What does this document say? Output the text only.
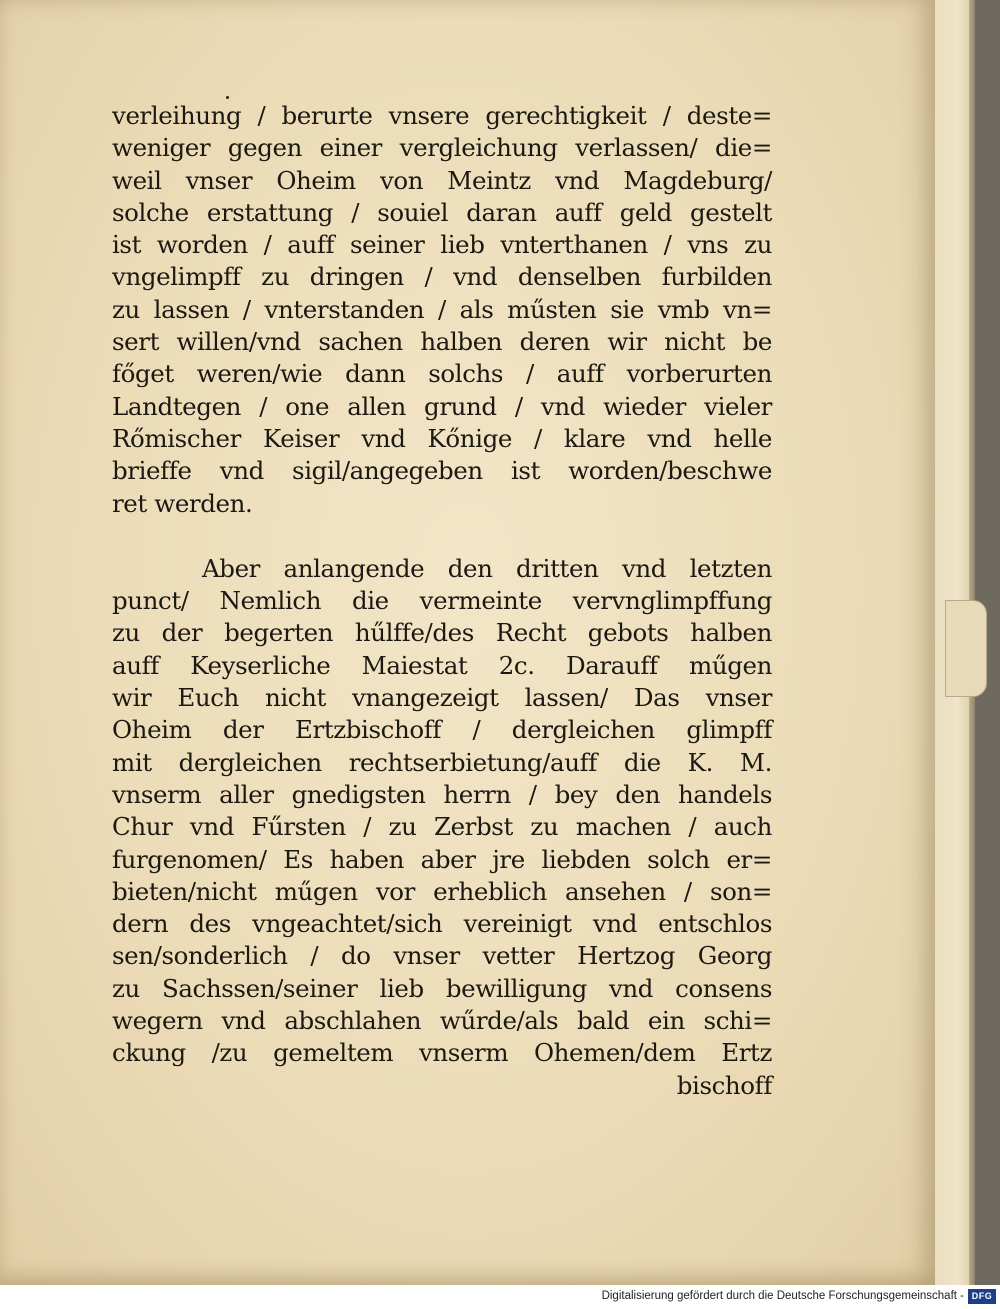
verleihung / berurte vnsere gerechtigkeit / deste=
weniger gegen einer vergleichung verlassen/ die=
weil vnser Oheim von Meintz vnd Magdeburg/
solche erstattung / souiel daran auff geld gestelt
ist worden / auff seiner lieb vnterthanen / vns zu
vngelimpff zu dringen / vnd denselben furbilden
zu lassen / vnterstanden / als műsten sie vmb vn=
sert willen/vnd sachen halben deren wir nicht be
főget weren/wie dann solchs / auff vorberurten
Landtegen / one allen grund / vnd wieder vieler
Rőmischer Keiser vnd Kőnige / klare vnd helle
brieffe vnd sigil/angegeben ist worden/beschwe
ret werden.
Aber anlangende den dritten vnd letzten
punct/ Nemlich die vermeinte vervnglimpffung
zu der begerten hűlffe/des Recht gebots halben
auff Keyserliche Maiestat 2c. Darauff műgen
wir Euch nicht vnangezeigt lassen/ Das vnser
Oheim der Ertzbischoff / dergleichen glimpff
mit dergleichen rechtserbietung/auff die K. M.
vnserm aller gnedigsten herrn / bey den handels
Chur vnd Fűrsten / zu Zerbst zu machen / auch
furgenomen/ Es haben aber jre liebden solch er=
bieten/nicht műgen vor erheblich ansehen / son=
dern des vngeachtet/sich vereinigt vnd entschlos
sen/sonderlich / do vnser vetter Hertzog Georg
zu Sachssen/seiner lieb bewilligung vnd consens
wegern vnd abschlahen wűrde/als bald ein schi=
ckung /zu gemeltem vnserm Ohemen/dem Ertz
bischoff
Digitalisierung gefördert durch die Deutsche Forschungsgemeinschaft - DFG
